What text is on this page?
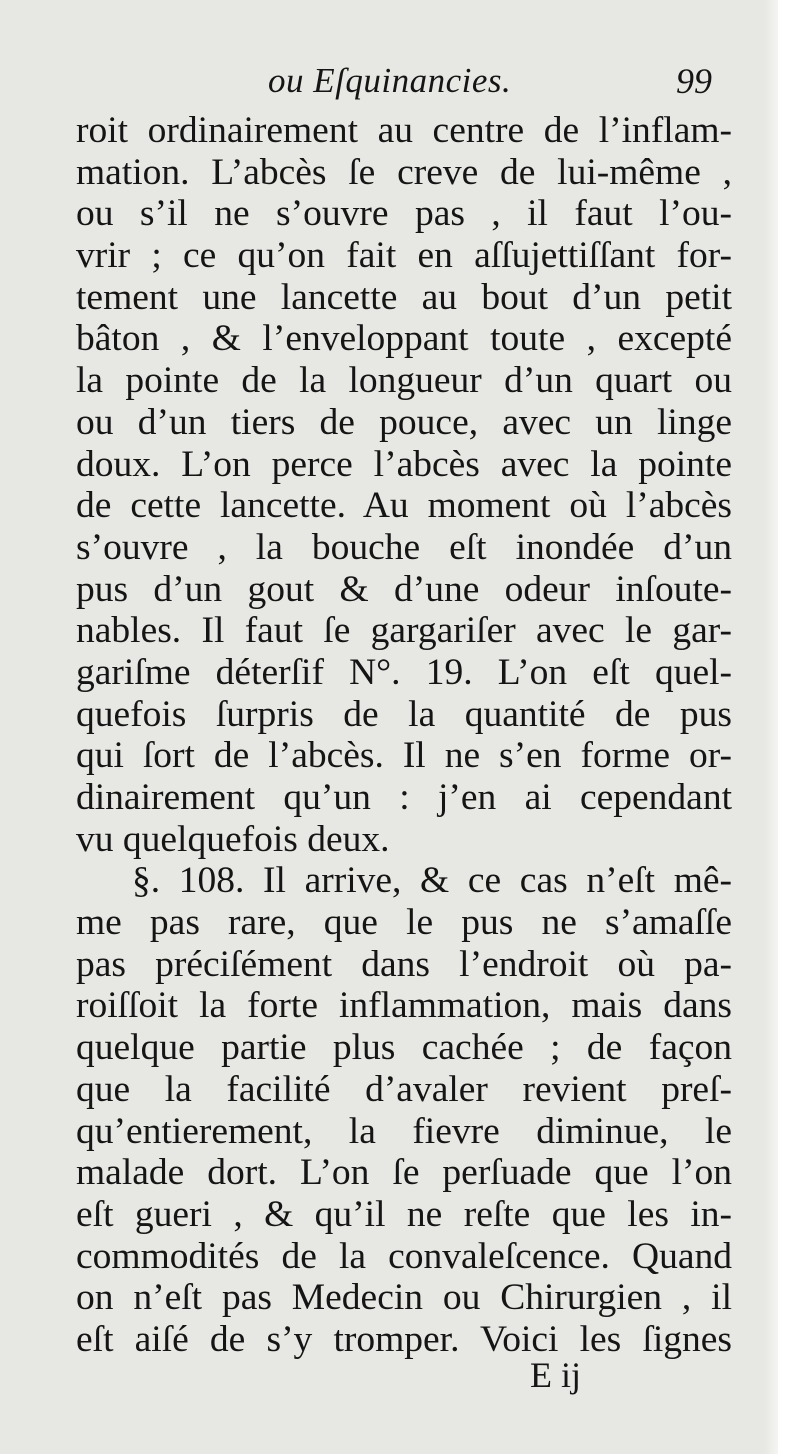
ou Eſquinancies.	99
roit ordinairement au centre de l’inflam-
mation. L’abcès ſe creve de lui-même ,
ou s’il ne s’ouvre pas , il faut l’ou-
vrir ; ce qu’on fait en aſſujettiſſant for-
tement une lancette au bout d’un petit
bâton , & l’enveloppant toute , excepté
la pointe de la longueur d’un quart ou
ou d’un tiers de pouce, avec un linge
doux. L’on perce l’abcès avec la pointe
de cette lancette. Au moment où l’abcès
s’ouvre , la bouche eſt inondée d’un
pus d’un gout & d’une odeur inſoute-
nables. Il faut ſe gargariſer avec le gar-
gariſme déterſif N°. 19. L’on eſt quel-
quefois ſurpris de la quantité de pus
qui ſort de l’abcès. Il ne s’en forme or-
dinairement qu’un : j’en ai cependant
vu quelquefois deux.
§. 108. Il arrive, & ce cas n’eſt mê-
me pas rare, que le pus ne s’amaſſe
pas préciſément dans l’endroit où pa-
roiſſoit la forte inflammation, mais dans
quelque partie plus cachée ; de façon
que la facilité d’avaler revient preſ-
qu’entierement, la fievre diminue, le
malade dort. L’on ſe perſuade que l’on
eſt gueri , & qu’il ne reſte que les in-
commodités de la convaleſcence. Quand
on n’eſt pas Medecin ou Chirurgien , il
eſt aiſé de s’y tromper. Voici les ſignes
E ij
